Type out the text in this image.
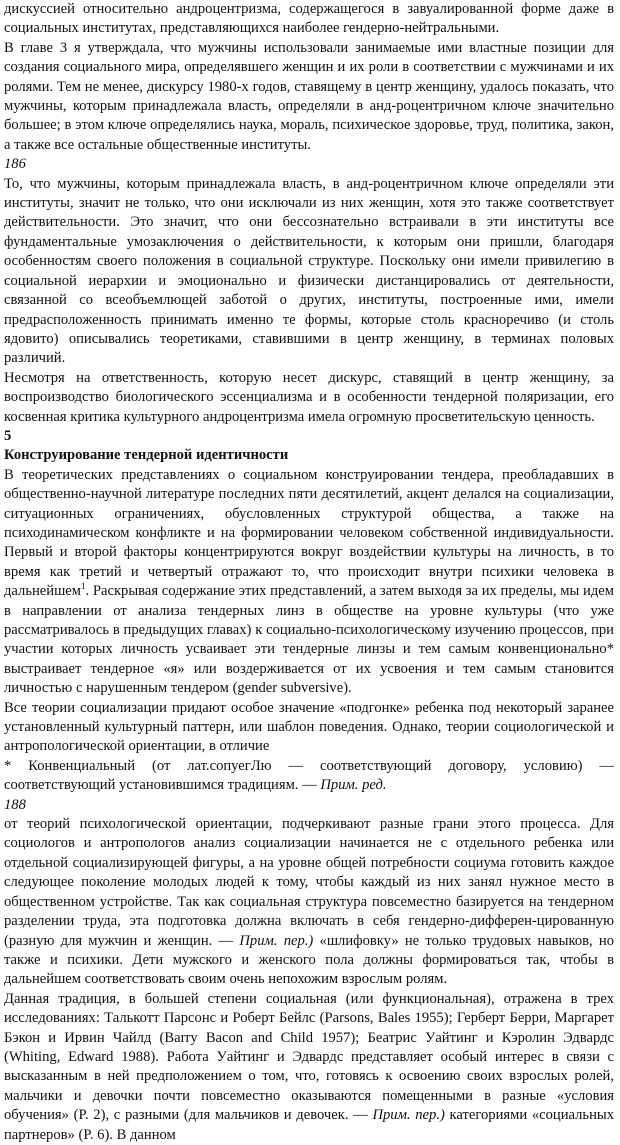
дискуссией относительно андроцентризма, содержащегося в завуалированной форме даже в социальных институтах, представляющихся наиболее гендерно-нейтральными.

В главе 3 я утверждала, что мужчины использовали занимаемые ими властные позиции для создания социального мира, определявшего женщин и их роли в соответствии с мужчинами и их ролями. Тем не менее, дискурсу 1980-х годов, ставящему в центр женщину, удалось показать, что мужчины, которым принадлежала власть, определяли в анд-роцентричном ключе значительно большее; в этом ключе определялись наука, мораль, психическое здоровье, труд, политика, закон, а также все остальные общественные институты.

186

То, что мужчины, которым принадлежала власть, в анд-роцентричном ключе определяли эти институты, значит не только, что они исключали из них женщин, хотя это также соответствует действительности. Это значит, что они бессознательно встраивали в эти институты все фундаментальные умозаключения о действительности, к которым они пришли, благодаря особенностям своего положения в социальной структуре. Поскольку они имели привилегию в социальной иерархии и эмоционально и физически дистанцировались от деятельности, связанной со всеобъемлющей заботой о других, институты, построенные ими, имели предрасположенность принимать именно те формы, которые столь красноречиво (и столь ядовито) описывались теоретиками, ставившими в центр женщину, в терминах половых различий.

Несмотря на ответственность, которую несет дискурс, ставящий в центр женщину, за воспроизводство биологического эссенциализма и в особенности тендерной поляризации, его косвенная критика культурного андроцентризма имела огромную просветительскую ценность.

5

Конструирование тендерной идентичности

В теоретических представлениях о социальном конструировании тендера, преобладавших в общественно-научной литературе последних пяти десятилетий, акцент делался на социализации, ситуационных ограничениях, обусловленных структурой общества, а также на психодинамическом конфликте и на формировании человеком собственной индивидуальности. Первый и второй факторы концентрируются вокруг воздействии культуры на личность, в то время как третий и четвертый отражают то, что происходит внутри психики человека в дальнейшем$^1$. Раскрывая содержание этих представлений, а затем выходя за их пределы, мы идем в направлении от анализа тендерных линз в обществе на уровне культуры (что уже рассматривалось в предыдущих главах) к социально-психологическому изучению процессов, при участии которых личность усваивает эти тендерные линзы и тем самым конвенционально* выстраивает тендерное «я» или воздерживается от их усвоения и тем самым становится личностью с нарушенным тендером (gender subversive).

Все теории социализации придают особое значение «подгонке» ребенка под некоторый заранее установленный культурный паттерн, или шаблон поведения. Однако, теории социологической и антропологической ориентации, в отличие

* Конвенциальный (от лат.сопуегЛю — соответствующий договору, условию) — соответствующий установившимся традициям. — Прим. ред.

188

от теорий психологической ориентации, подчеркивают разные грани этого процесса. Для социологов и антропологов анализ социализации начинается не с отдельного ребенка или отдельной социализирующей фигуры, а на уровне общей потребности социума готовить каждое следующее поколение молодых людей к тому, чтобы каждый из них занял нужное место в общественном устройстве. Так как социальная структура повсеместно базируется на тендерном разделении труда, эта подготовка должна включать в себя гендерно-дифферен-цированную (разную для мужчин и женщин. — Прим. пер.) «шлифовку» не только трудовых навыков, но также и психики. Дети мужского и женского пола должны формироваться так, чтобы в дальнейшем соответствовать своим очень непохожим взрослым ролям.

Данная традиция, в большей степени социальная (или функциональная), отражена в трех исследованиях: Талькотт Парсонс и Роберт Бейлс (Parsons, Bales 1955); Герберт Берри, Маргарет Бэкон и Ирвин Чайлд (Barry Bacon and Child 1957); Беатрис Уайтинг и Кэролин Эдвардс (Whiting, Edward 1988). Работа Уайтинг и Эдвардс представляет особый интерес в связи с высказанным в ней предположением о том, что, готовясь к освоению своих взрослых ролей, мальчики и девочки почти повсеместно оказываются помещенными в разные «условия обучения» (P. 2), с разными (для мальчиков и девочек. — Прим. пер.) категориями «социальных партнеров» (P. 6). В данном
